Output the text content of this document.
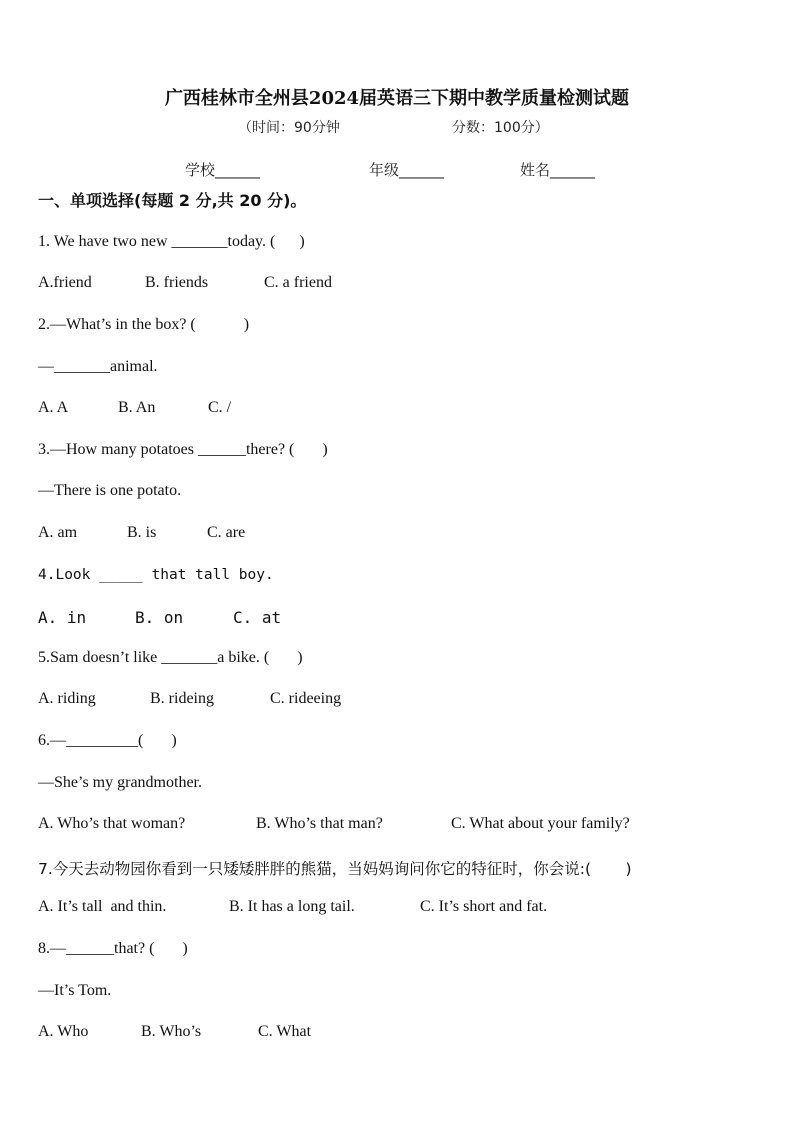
广西桂林市全州县2024届英语三下期中教学质量检测试题
（时间：90分钟	分数：100分）
学校______	年级______	姓名______
一、单项选择(每题 2 分,共 20 分)。
1. We have two new _______today. (      )
A.friend	B. friends	C. a friend
2.—What’s in the box? (            )
—_______animal.
A. A	B. An	C. /
3.—How many potatoes ______there? (       )
—There is one potato.
A. am	B. is	C. are
4.Look _____ that tall boy.
A. in	B. on	C. at
5.Sam doesn’t like _______a bike. (       )
A. riding	B. rideing	C. rideeing
6.—_________(       )
—She’s my grandmother.
A. Who’s that woman?	B. Who’s that man?	C. What about your family?
7.今天去动物园你看到一只矮矮胖胖的熊猫，当妈妈询问你它的特征时，你会说:(       )
A. It’s tall  and thin.	B. It has a long tail.	C. It’s short and fat.
8.—______that? (       )
—It’s Tom.
A. Who	B. Who’s	C. What
